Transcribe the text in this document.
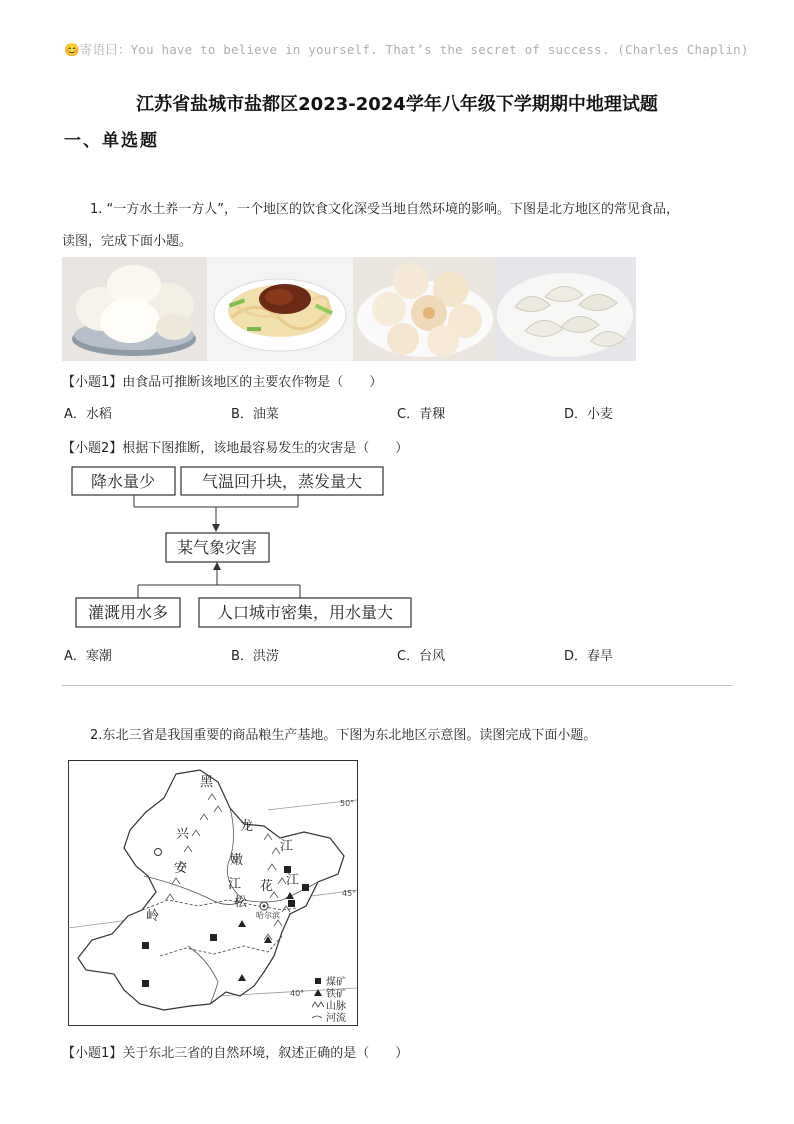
😊寄语曰：You have to believe in yourself. That’s the secret of success. (Charles Chaplin)
江苏省盐城市盐都区2023-2024学年八年级下学期期中地理试题
一、单选题
1. “一方水土养一方人”，一个地区的饮食文化深受当地自然环境的影响。下图是北方地区的常见食品，
读图，完成下面小题。
【小题1】由食品可推断该地区的主要农作物是（　　）
A．水稻	B．油菜	C．青稞	D．小麦
【小题2】根据下图推断，该地最容易发生的灾害是（　　）
降水量少	气温回升块，蒸发量大
某气象灾害
灌溉用水多	人口城市密集，用水量大
A．寒潮	B．洪涝	C．台风	D．春旱
2.东北三省是我国重要的商品粮生产基地。下图为东北地区示意图。读图完成下面小题。
黑
龙
江
嫩
江
松
花 江
兴
安
岭	哈尔滨
50°
45°
40°
煤矿
铁矿
山脉
河流
【小题1】关于东北三省的自然环境，叙述正确的是（　　）
